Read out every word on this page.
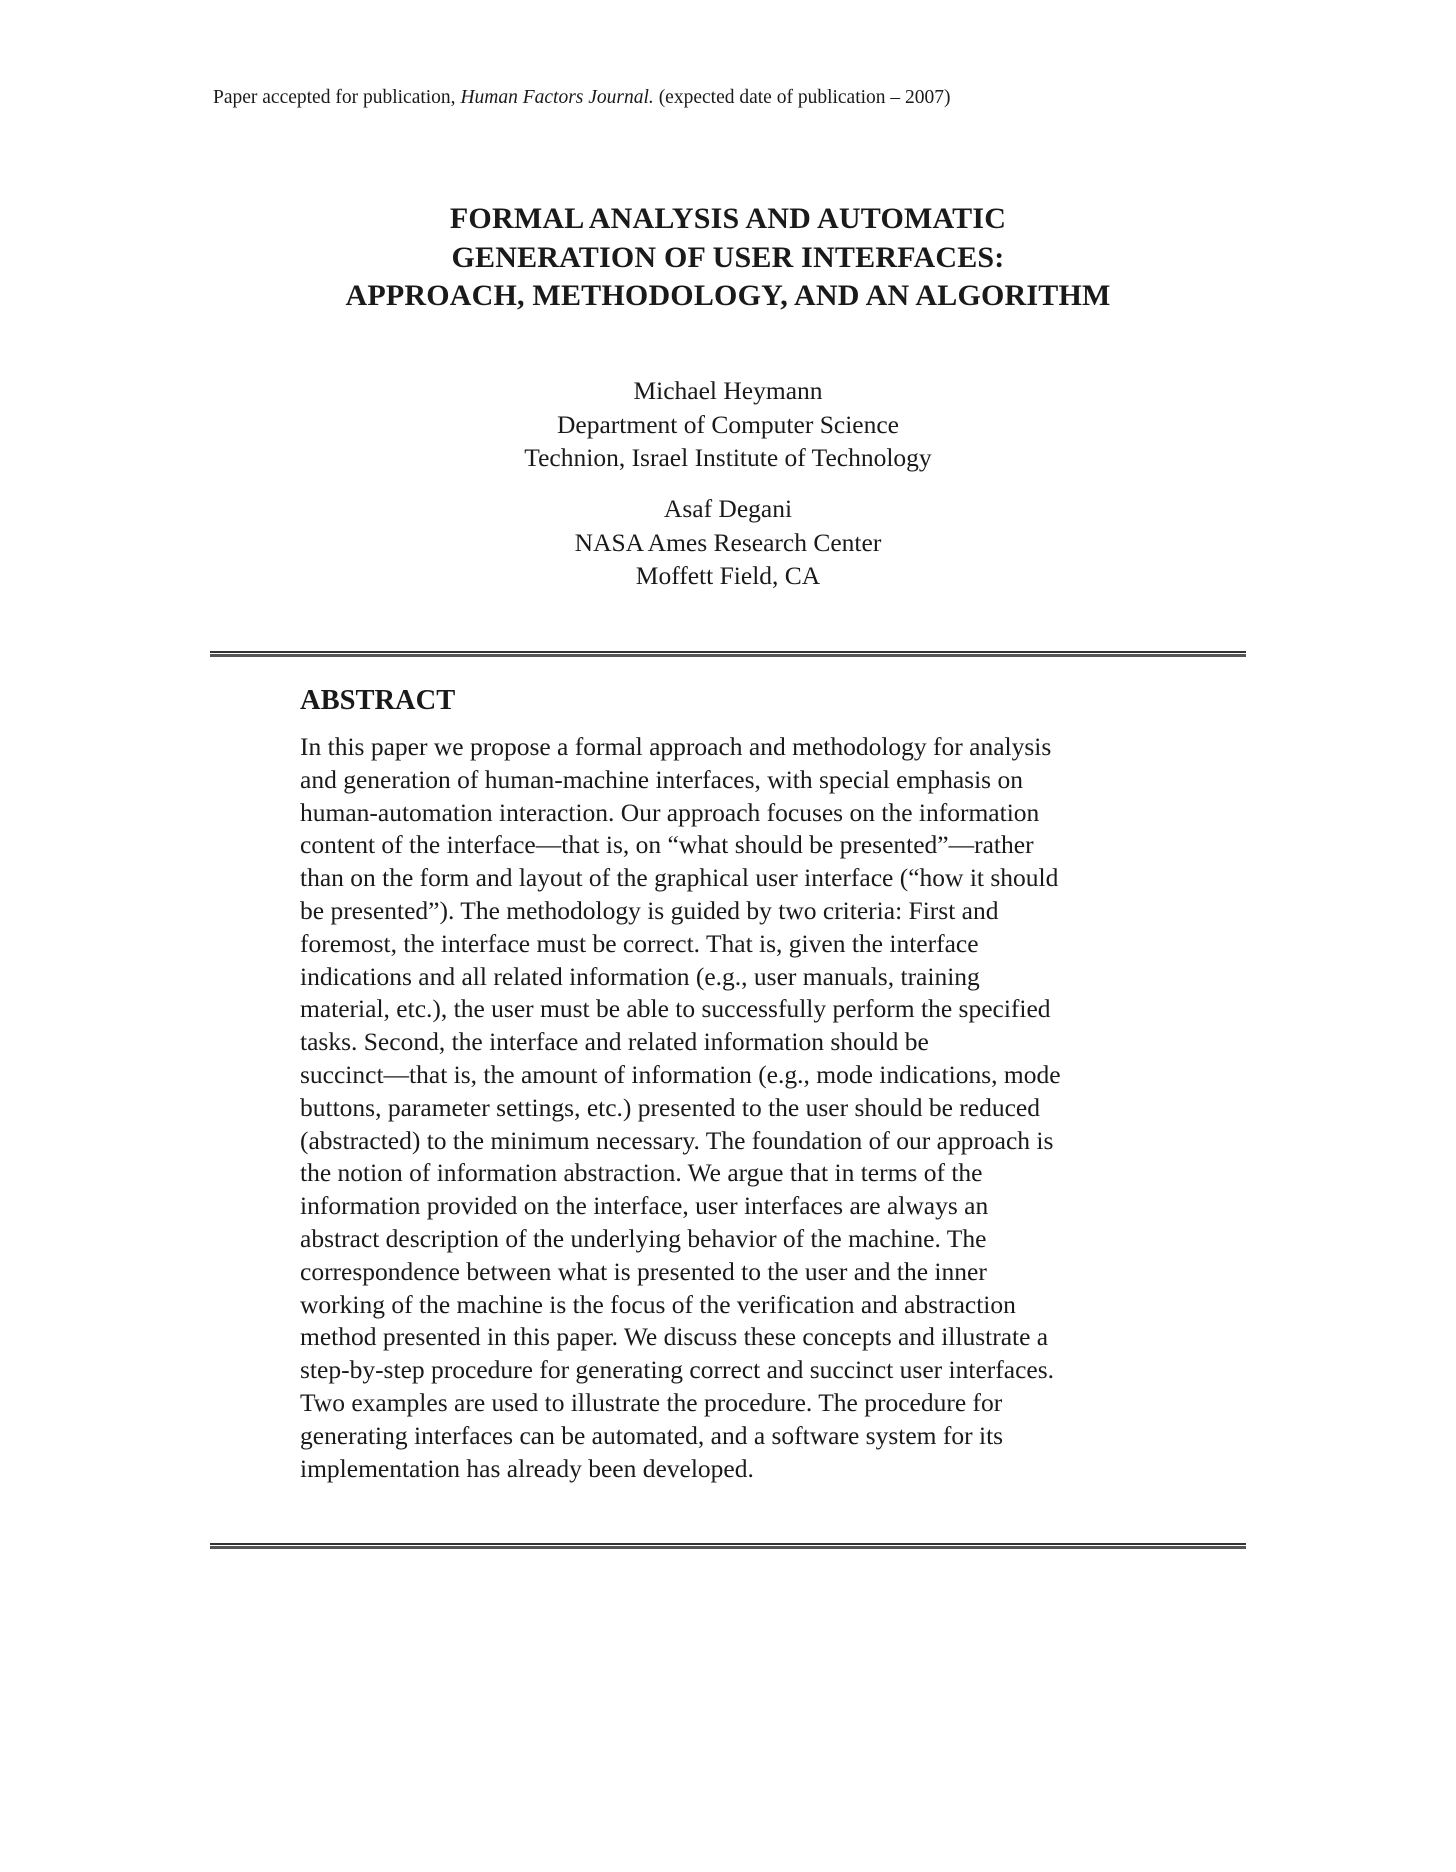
Paper accepted for publication, Human Factors Journal. (expected date of publication – 2007)
FORMAL ANALYSIS AND AUTOMATIC
GENERATION OF USER INTERFACES:
APPROACH, METHODOLOGY, AND AN ALGORITHM
Michael Heymann
Department of Computer Science
Technion, Israel Institute of Technology
Asaf Degani
NASA Ames Research Center
Moffett Field, CA
ABSTRACT
In this paper we propose a formal approach and methodology for analysis
and generation of human-machine interfaces, with special emphasis on
human-automation interaction. Our approach focuses on the information
content of the interface—that is, on “what should be presented”—rather
than on the form and layout of the graphical user interface (“how it should
be presented”). The methodology is guided by two criteria: First and
foremost, the interface must be correct. That is, given the interface
indications and all related information (e.g., user manuals, training
material, etc.), the user must be able to successfully perform the specified
tasks. Second, the interface and related information should be
succinct—that is, the amount of information (e.g., mode indications, mode
buttons, parameter settings, etc.) presented to the user should be reduced
(abstracted) to the minimum necessary. The foundation of our approach is
the notion of information abstraction. We argue that in terms of the
information provided on the interface, user interfaces are always an
abstract description of the underlying behavior of the machine. The
correspondence between what is presented to the user and the inner
working of the machine is the focus of the verification and abstraction
method presented in this paper. We discuss these concepts and illustrate a
step-by-step procedure for generating correct and succinct user interfaces.
Two examples are used to illustrate the procedure. The procedure for
generating interfaces can be automated, and a software system for its
implementation has already been developed.
